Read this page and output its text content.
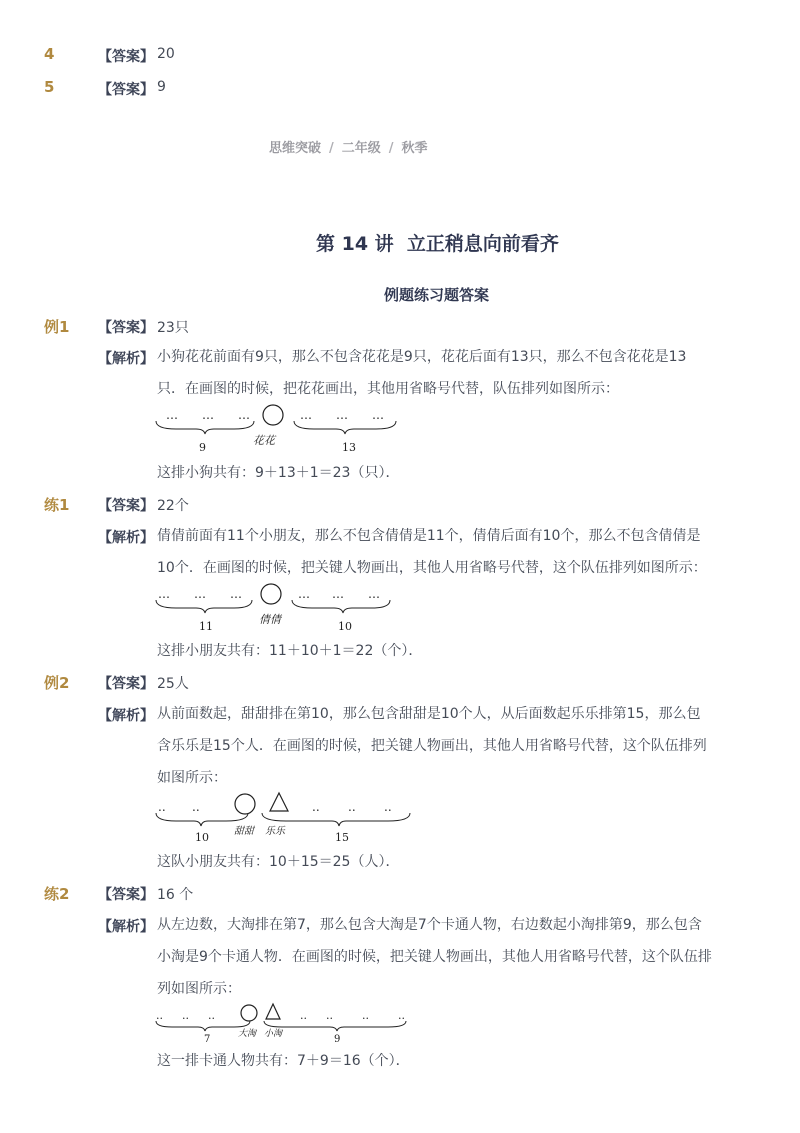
4	【答案】 20
5	【答案】 9
思维突破 / 二年级 / 秋季
第 14 讲  立正稍息向前看齐
例题练习题答案
例1 【答案】 23只
【解析】 小狗花花前面有9只，那么不包含花花是9只，花花后面有13只，那么不包含花花是13
只．在画图的时候，把花花画出，其他用省略号代替，队伍排列如图所示：
… … …
9
花花
… … …
13
这排小狗共有：9＋13＋1＝23（只）．
练1 【答案】 22个
【解析】 倩倩前面有11个小朋友，那么不包含倩倩是11个，倩倩后面有10个，那么不包含倩倩是
10个．在画图的时候，把关键人物画出，其他人用省略号代替，这个队伍排列如图所示：
… … …
11
倩倩
… … …
10
这排小朋友共有：11＋10＋1＝22（个）．
例2 【答案】 25人
【解析】 从前面数起，甜甜排在第10，那么包含甜甜是10个人，从后面数起乐乐排第15，那么包
含乐乐是15个人．在画图的时候，把关键人物画出，其他人用省略号代替，这个队伍排列如图所示：
.. ..
10	甜甜 乐乐
.. .. ..
15
这队小朋友共有：10＋15＝25（人）．
练2 【答案】 16 个
【解析】 从左边数，大淘排在第7，那么包含大淘是7个卡通人物，右边数起小淘排第9，那么包含
小淘是9个卡通人物．在画图的时候，把关键人物画出，其他人用省略号代替，这个队伍排列如图所示：
.. .. ..
7	大淘 小淘
.. ..	..	..
9
这一排卡通人物共有：7＋9＝16（个）．
